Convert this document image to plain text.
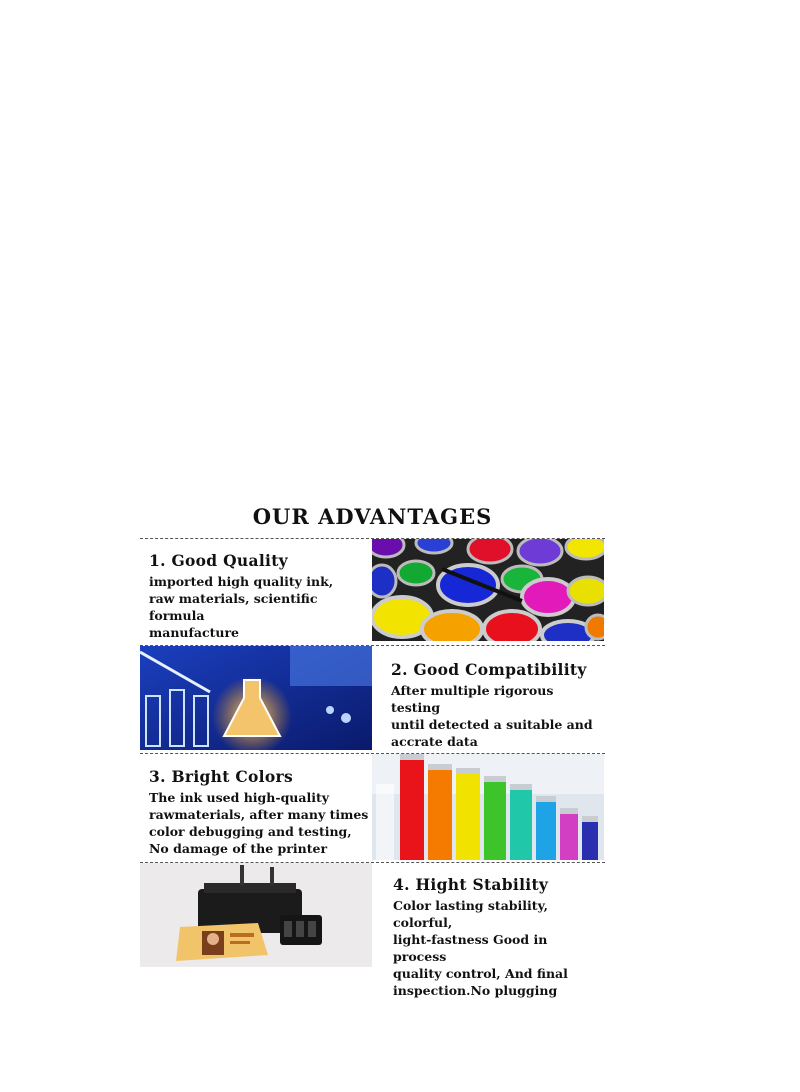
OUR ADVANTAGES
1. Good Quality

imported high quality ink,

raw materials, scientific formula

manufacture

2. Good Compatibility

After multiple rigorous testing

until detected a suitable and

accrate data

3. Bright Colors

The ink used high-quality

rawmaterials, after many times

color debugging and testing,

No damage of the printer

4. Hight Stability

Color lasting stability, colorful,

light-fastness Good in process

quality control, And final

inspection.No plugging
